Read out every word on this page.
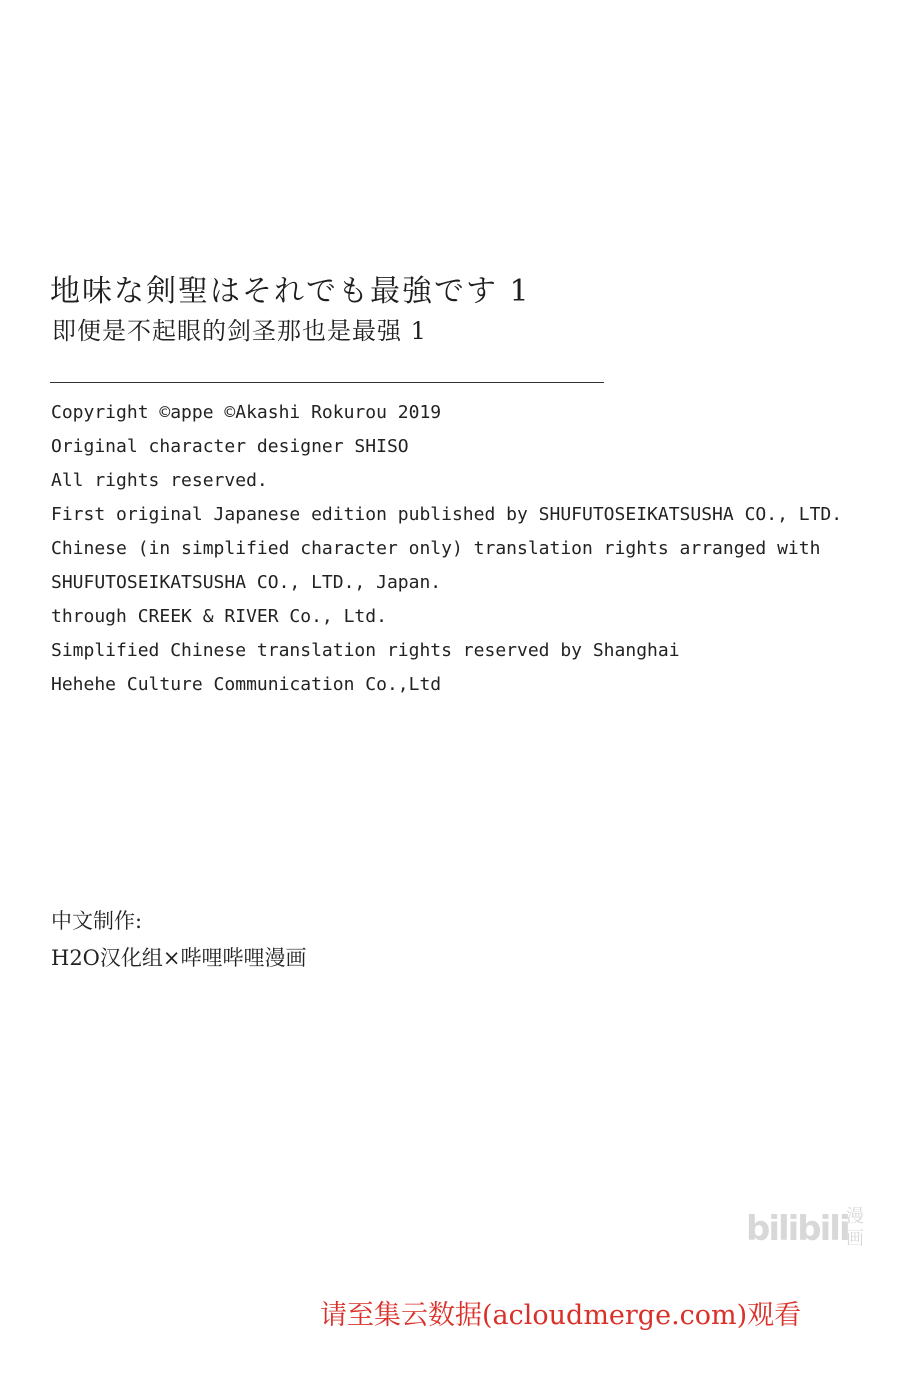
地味な剣聖はそれでも最強です 1
即便是不起眼的剑圣那也是最强 1
Copyright ©appe ©Akashi Rokurou 2019
Original character designer SHISO
All rights reserved.
First original Japanese edition published by SHUFUTOSEIKATSUSHA CO., LTD.
Chinese (in simplified character only) translation rights arranged with
SHUFUTOSEIKATSUSHA CO., LTD., Japan.
through CREEK & RIVER Co., Ltd.
Simplified Chinese translation rights reserved by Shanghai
Hehehe Culture Communication Co.,Ltd
中文制作:
H2O汉化组×哔哩哔哩漫画
bilibili
漫
画
请至集云数据(acloudmerge.com)观看
